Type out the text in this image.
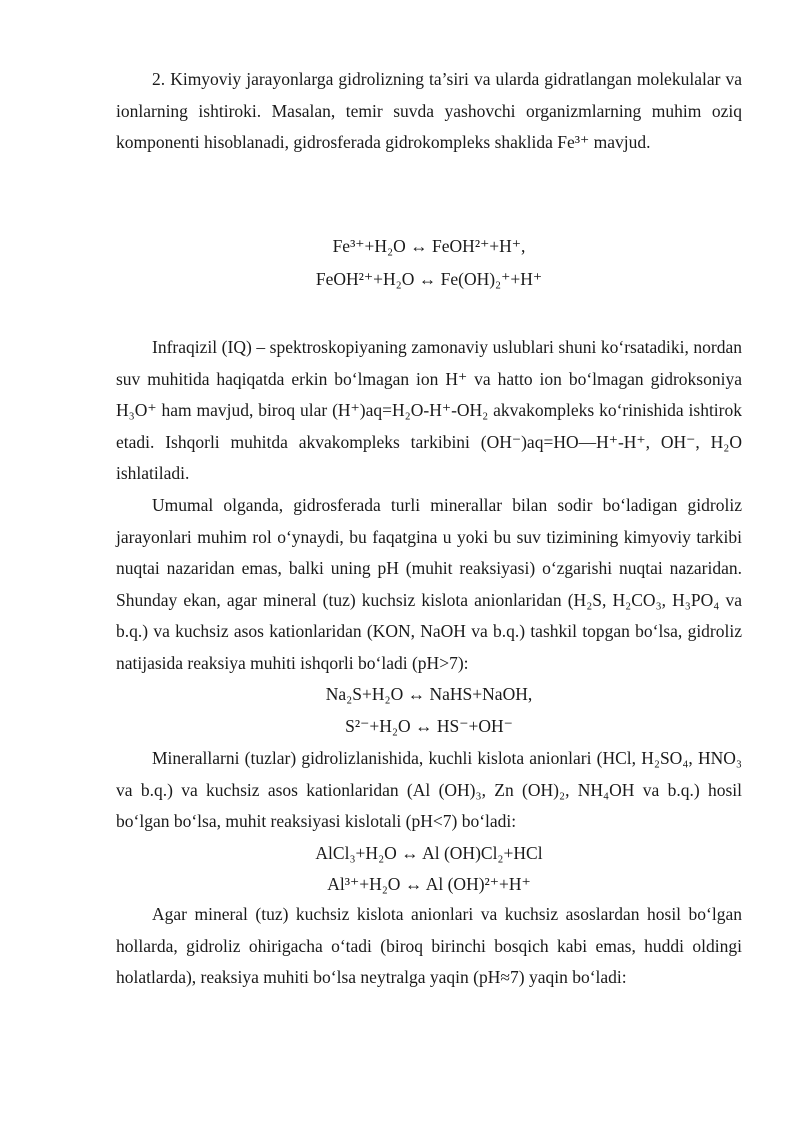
2. Kimyoviy jarayonlarga gidrolizning ta’siri va ularda gidratlangan molekulalar va ionlarning ishtiroki. Masalan, temir suvda yashovchi organizmlarning muhim oziq komponenti hisoblanadi, gidrosferada gidrokompleks shaklida Fe³⁺ mavjud.

Fe³⁺+H₂O ↔ FeOH²⁺+H⁺,

FeOH²⁺+H₂O ↔ Fe(OH)₂⁺+H⁺

Infraqizil (IQ) – spektroskopiyaning zamonaviy uslublari shuni koʻrsatadiki, nordan suv muhitida haqiqatda erkin boʻlmagan ion H⁺ va hatto ion boʻlmagan gidroksoniya H₃O⁺ ham mavjud, biroq ular (H⁺)aq=H₂O-H⁺-OH₂ akvakompleks koʻrinishida ishtirok etadi. Ishqorli muhitda akvakompleks tarkibini (OH⁻)aq=HO—H⁺-H⁺, OH⁻, H₂O ishlatiladi.

Umumal olganda, gidrosferada turli minerallar bilan sodir boʻladigan gidroliz jarayonlari muhim rol oʻynaydi, bu faqatgina u yoki bu suv tizimining kimyoviy tarkibi nuqtai nazaridan emas, balki uning pH (muhit reaksiyasi) oʻzgarishi nuqtai nazaridan. Shunday ekan, agar mineral (tuz) kuchsiz kislota anionlaridan (H₂S, H₂CO₃, H₃PO₄ va b.q.) va kuchsiz asos kationlaridan (KON, NaOH va b.q.) tashkil topgan boʻlsa, gidroliz natijasida reaksiya muhiti ishqorli boʻladi (pH>7):

Na₂S+H₂O ↔ NaHS+NaOH,

S²⁻+H₂O ↔ HS⁻+OH⁻

Minerallarni (tuzlar) gidrolizlanishida, kuchli kislota anionlari (HCl, H₂SO₄, HNO₃ va b.q.) va kuchsiz asos kationlaridan (Al (OH)₃, Zn (OH)₂, NH₄OH va b.q.) hosil boʻlgan boʻlsa, muhit reaksiyasi kislotali (pH<7) boʻladi:

AlCl₃+H₂O ↔ Al (OH)Cl₂+HCl

Al³⁺+H₂O ↔ Al (OH)²⁺+H⁺

Agar mineral (tuz) kuchsiz kislota anionlari va kuchsiz asoslardan hosil boʻlgan hollarda, gidroliz ohirigacha oʻtadi (biroq birinchi bosqich kabi emas, huddi oldingi holatlarda), reaksiya muhiti boʻlsa neytralga yaqin (pH≈7) yaqin boʻladi:
